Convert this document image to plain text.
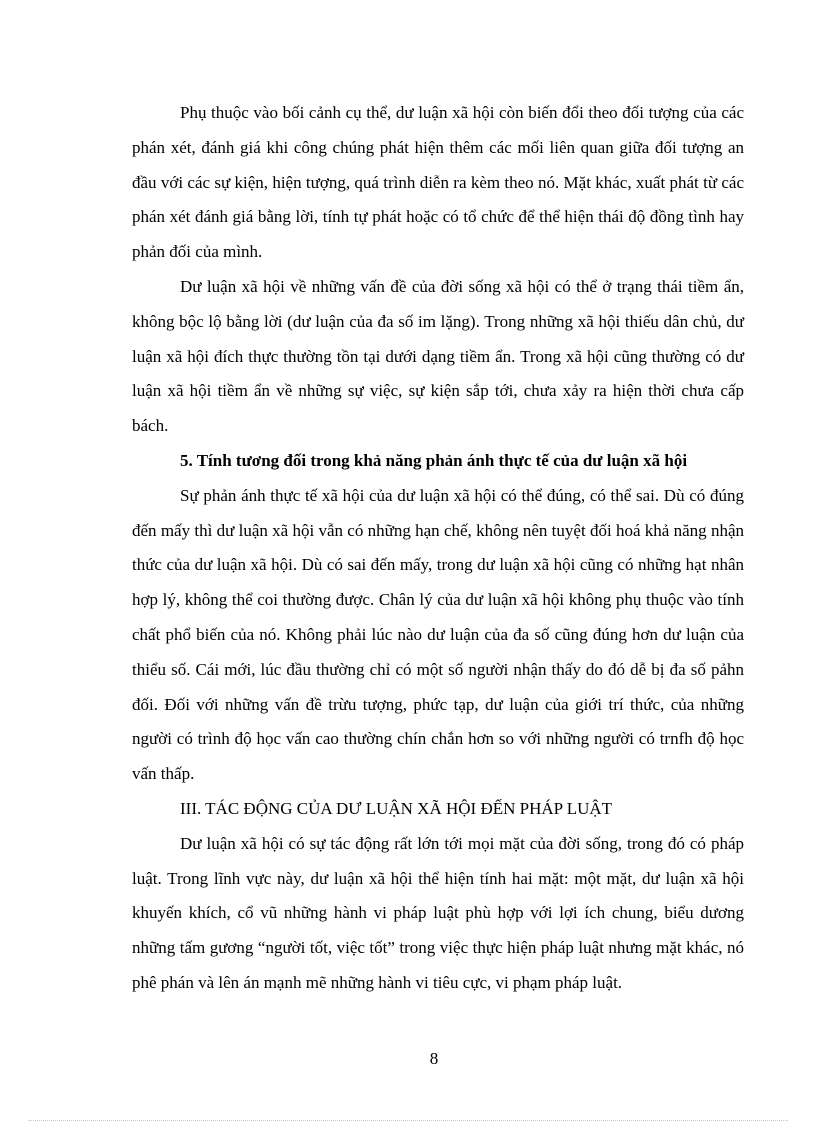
Phụ thuộc vào bối cảnh cụ thể, dư luận xã hội còn biến đổi theo đối tượng của các phán xét, đánh giá khi công chúng phát hiện thêm các mối liên quan giữa đối tượng an đầu với các sự kiện, hiện tượng, quá trình diễn ra kèm theo nó. Mặt khác, xuất phát từ các phán xét đánh giá bằng lời, tính tự phát hoặc có tổ chức để thể hiện thái độ đồng tình hay phản đối của mình.

Dư luận xã hội về những vấn đề của đời sống xã hội có thể ở trạng thái tiềm ẩn, không bộc lộ bằng lời (dư luận của đa số im lặng). Trong những xã hội thiếu dân chủ, dư luận xã hội đích thực thường tồn tại dưới dạng tiềm ẩn. Trong xã hội cũng thường có dư luận xã hội tiềm ẩn về những sự việc, sự kiện sắp tới, chưa xảy ra hiện thời chưa cấp bách.

5. Tính tương đối trong khả năng phản ánh thực tế của dư luận xã hội

Sự phản ánh thực tế xã hội của dư luận xã hội có thể đúng, có thể sai. Dù có đúng đến mấy thì dư luận xã hội vẫn có những hạn chế, không nên tuyệt đối hoá khả năng nhận thức của dư luận xã hội. Dù có sai đến mấy, trong dư luận xã hội cũng có những hạt nhân hợp lý, không thể coi thường được. Chân lý của dư luận xã hội không phụ thuộc vào tính chất phổ biến của nó. Không phải lúc nào dư luận của đa số cũng đúng hơn dư luận của thiểu số. Cái mới, lúc đầu thường chỉ có một số người nhận thấy do đó dễ bị đa số pảhn đối. Đối với những vấn đề trừu tượng, phức tạp, dư luận của giới trí thức, của những người có trình độ học vấn cao thường chín chắn hơn so với những người có trnfh độ học vấn thấp.

III. TÁC ĐỘNG CỦA DƯ LUẬN XÃ HỘI ĐẾN PHÁP LUẬT

Dư luận xã hội có sự tác động rất lớn tới mọi mặt của đời sống, trong đó có pháp luật. Trong lĩnh vực này, dư luận xã hội thể hiện tính hai mặt: một mặt, dư luận xã hội khuyến khích, cổ vũ những hành vi pháp luật phù hợp với lợi ích chung, biểu dương những tấm gương “người tốt, việc tốt” trong việc thực hiện pháp luật nhưng mặt khác, nó phê phán và lên án mạnh mẽ những hành vi tiêu cực, vi phạm pháp luật.

8
